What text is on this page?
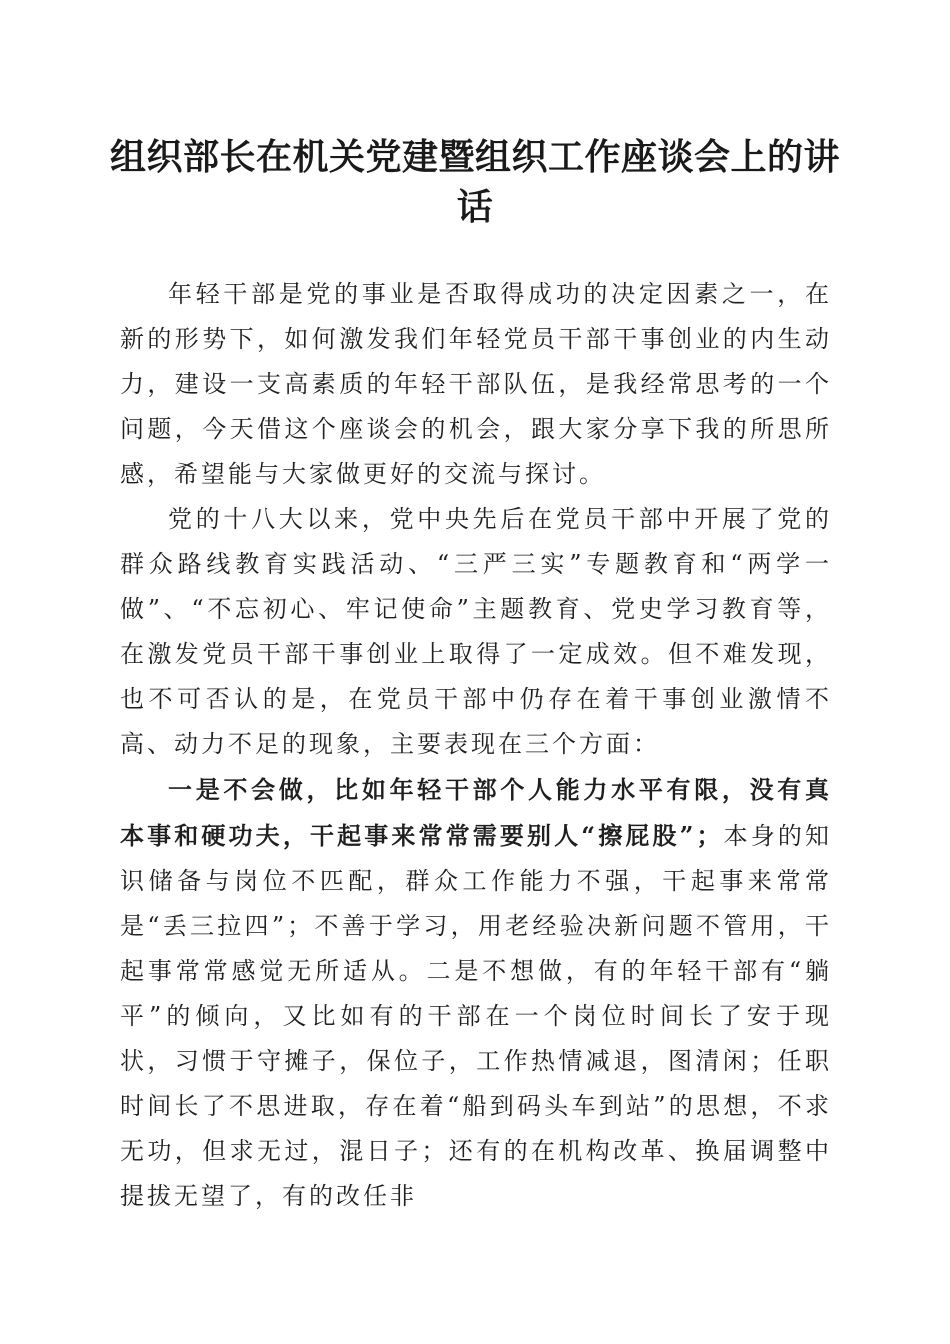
组织部长在机关党建暨组织工作座谈会上的讲话

年轻干部是党的事业是否取得成功的决定因素之一，在新的形势下，如何激发我们年轻党员干部干事创业的内生动力，建设一支高素质的年轻干部队伍，是我经常思考的一个问题，今天借这个座谈会的机会，跟大家分享下我的所思所感，希望能与大家做更好的交流与探讨。

党的十八大以来，党中央先后在党员干部中开展了党的群众路线教育实践活动、“三严三实”专题教育和“两学一做”、“不忘初心、牢记使命”主题教育、党史学习教育等，在激发党员干部干事创业上取得了一定成效。但不难发现，也不可否认的是，在党员干部中仍存在着干事创业激情不高、动力不足的现象，主要表现在三个方面：

一是不会做，比如年轻干部个人能力水平有限，没有真本事和硬功夫，干起事来常常需要别人“擦屁股”；本身的知识储备与岗位不匹配，群众工作能力不强，干起事来常常是“丢三拉四”；不善于学习，用老经验决新问题不管用，干起事常常感觉无所适从。二是不想做，有的年轻干部有“躺平”的倾向，又比如有的干部在一个岗位时间长了安于现状，习惯于守摊子，保位子，工作热情减退，图清闲；任职时间长了不思进取，存在着“船到码头车到站”的思想，不求无功，但求无过，混日子；还有的在机构改革、换届调整中提拔无望了，有的改任非
